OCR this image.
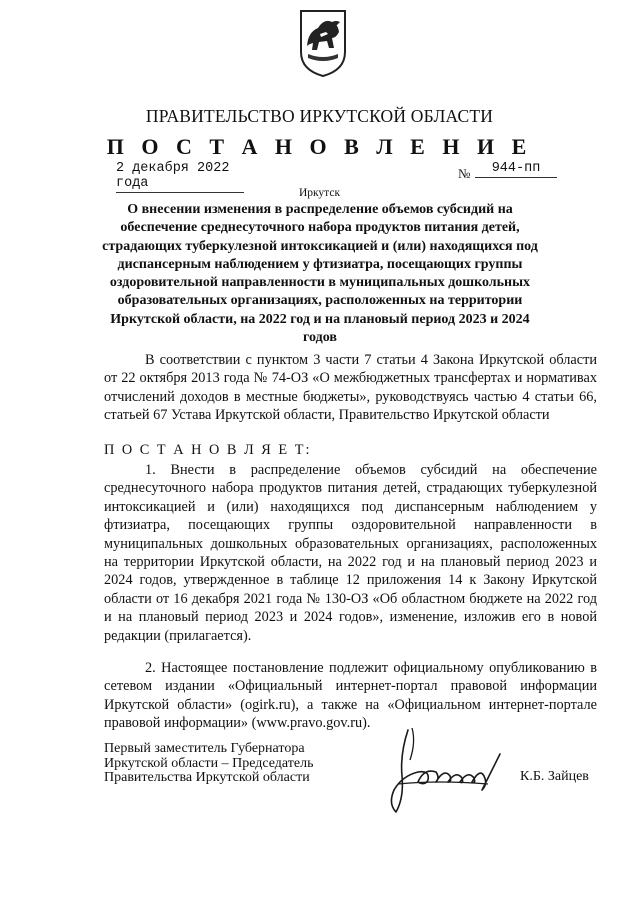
ПРАВИТЕЛЬСТВО ИРКУТСКОЙ ОБЛАСТИ
П О С Т А Н О В Л Е Н И Е
2 декабря 2022 года
№	944-пп
Иркутск
О внесении изменения в распределение объемов субсидий на обеспечение среднесуточного набора продуктов питания детей, страдающих туберкулезной интоксикацией и (или) находящихся под диспансерным наблюдением у фтизиатра, посещающих группы оздоровительной направленности в муниципальных дошкольных образовательных организациях, расположенных на территории Иркутской области, на 2022 год и на плановый период 2023 и 2024 годов
В соответствии с пунктом 3 части 7 статьи 4 Закона Иркутской области от 22 октября 2013 года № 74-ОЗ «О межбюджетных трансфертах и нормативах отчислений доходов в местные бюджеты», руководствуясь частью 4 статьи 66, статьей 67 Устава Иркутской области, Правительство Иркутской области
П О С Т А Н О В Л Я Е Т:
1. Внести в распределение объемов субсидий на обеспечение среднесуточного набора продуктов питания детей, страдающих туберкулезной интоксикацией и (или) находящихся под диспансерным наблюдением у фтизиатра, посещающих группы оздоровительной направленности в муниципальных дошкольных образовательных организациях, расположенных на территории Иркутской области, на 2022 год и на плановый период 2023 и 2024 годов, утвержденное в таблице 12 приложения 14 к Закону Иркутской области от 16 декабря 2021 года № 130-ОЗ «Об областном бюджете на 2022 год и на плановый период 2023 и 2024 годов», изменение, изложив его в новой редакции (прилагается).
2. Настоящее постановление подлежит официальному опубликованию в сетевом издании «Официальный интернет-портал правовой информации Иркутской области» (ogirk.ru), а также на «Официальном интернет-портале правовой информации» (www.pravo.gov.ru).
Первый заместитель Губернатора
Иркутской области – Председатель
Правительства Иркутской области	К.Б. Зайцев
